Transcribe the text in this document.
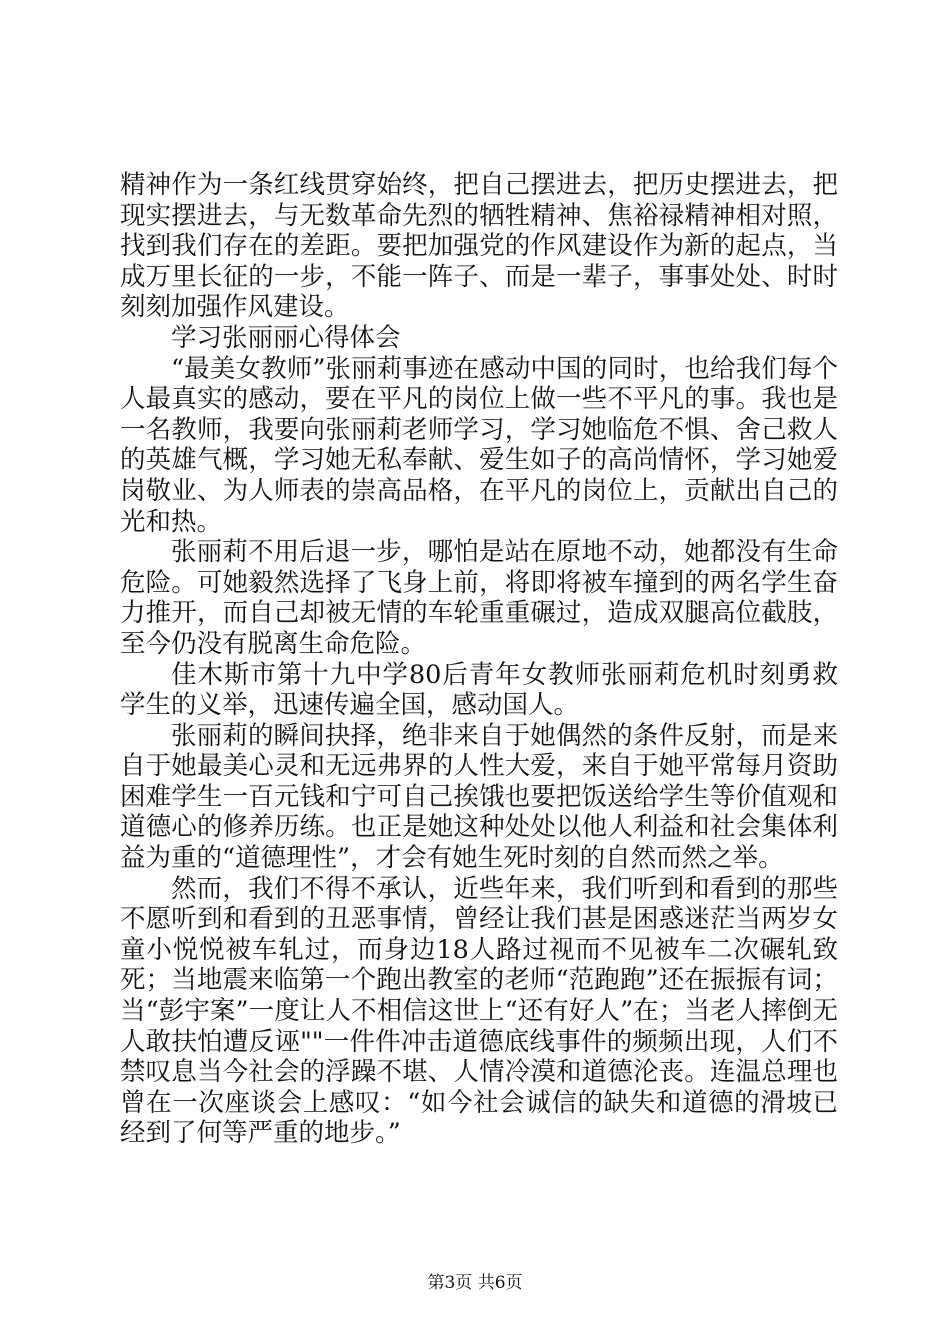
精神作为一条红线贯穿始终，把自己摆进去，把历史摆进去，把现实摆进去，与无数革命先烈的牺牲精神、焦裕禄精神相对照，找到我们存在的差距。要把加强党的作风建设作为新的起点，当成万里长征的一步，不能一阵子、而是一辈子，事事处处、时时刻刻加强作风建设。

学习张丽丽心得体会

“最美女教师”张丽莉事迹在感动中国的同时，也给我们每个人最真实的感动，要在平凡的岗位上做一些不平凡的事。我也是一名教师，我要向张丽莉老师学习，学习她临危不惧、舍己救人的英雄气概，学习她无私奉献、爱生如子的高尚情怀，学习她爱岗敬业、为人师表的崇高品格，在平凡的岗位上，贡献出自己的光和热。

张丽莉不用后退一步，哪怕是站在原地不动，她都没有生命危险。可她毅然选择了飞身上前，将即将被车撞到的两名学生奋力推开，而自己却被无情的车轮重重碾过，造成双腿高位截肢，至今仍没有脱离生命危险。

佳木斯市第十九中学80后青年女教师张丽莉危机时刻勇救学生的义举，迅速传遍全国，感动国人。

张丽莉的瞬间抉择，绝非来自于她偶然的条件反射，而是来自于她最美心灵和无远弗界的人性大爱，来自于她平常每月资助困难学生一百元钱和宁可自己挨饿也要把饭送给学生等价值观和道德心的修养历练。也正是她这种处处以他人利益和社会集体利益为重的“道德理性”，才会有她生死时刻的自然而然之举。

然而，我们不得不承认，近些年来，我们听到和看到的那些不愿听到和看到的丑恶事情，曾经让我们甚是困惑迷茫当两岁女童小悦悦被车轧过，而身边18人路过视而不见被车二次碾轧致死；当地震来临第一个跑出教室的老师“范跑跑”还在振振有词；当“彭宇案”一度让人不相信这世上“还有好人”在；当老人摔倒无人敢扶怕遭反诬""一件件冲击道德底线事件的频频出现，人们不禁叹息当今社会的浮躁不堪、人情冷漠和道德沦丧。连温总理也曾在一次座谈会上感叹：“如今社会诚信的缺失和道德的滑坡已经到了何等严重的地步。”

第3页 共6页
